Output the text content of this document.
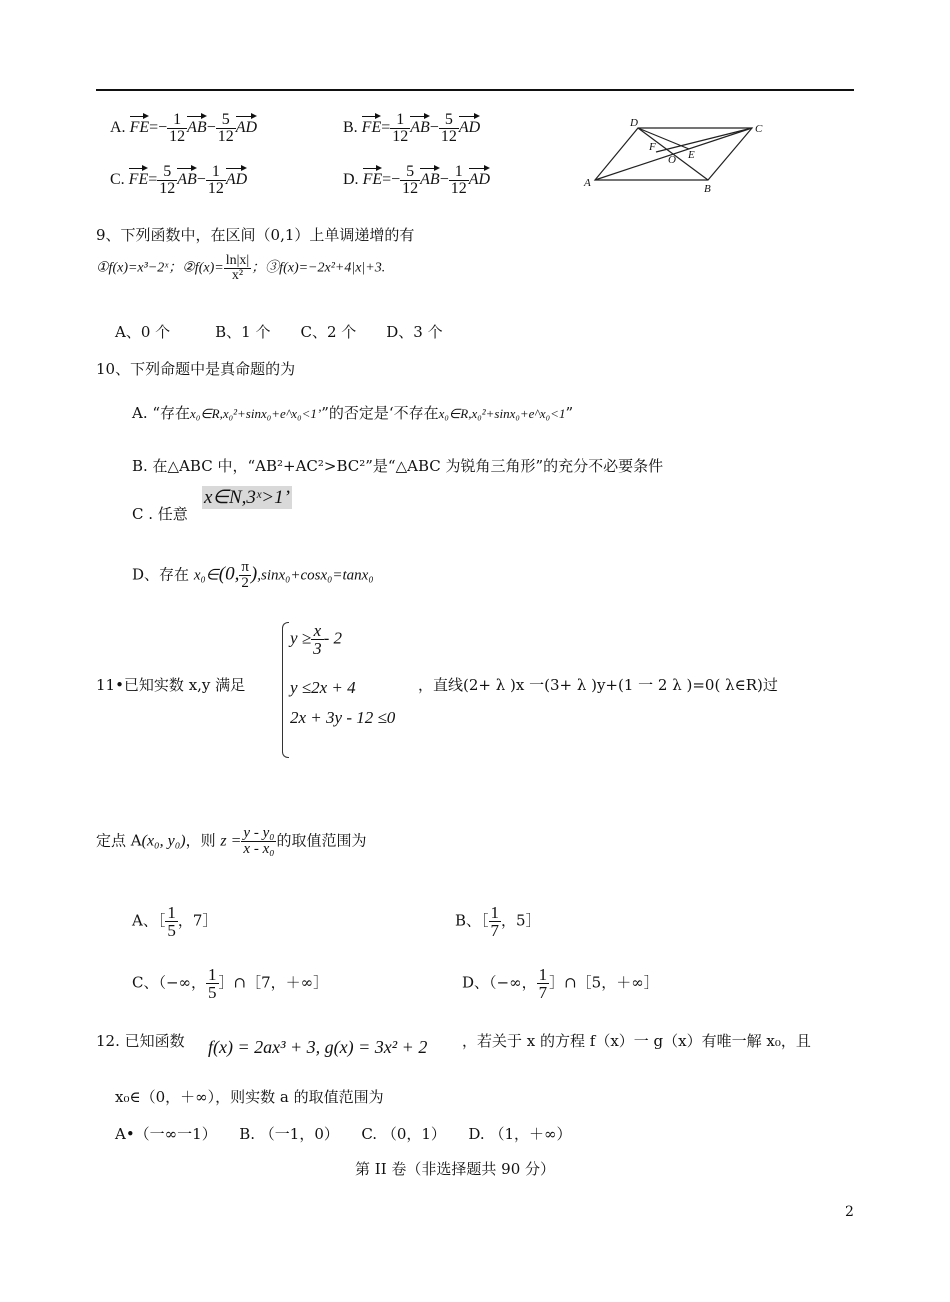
A. $FE=- \frac{1}{12} AB- \frac{5}{12}$ AD	B. $FE= \frac{1}{12} AB- \frac{5}{12}$ AD
C. $FE= \frac{5}{12} AB- \frac{1}{12}$ AD	D. $FE=- \frac{5}{12} AB- \frac{1}{12}$ AD	A	B
C
D
F
O E
9、下列函数中，在区间（0,1）上单调递增的有
①f(x)=x³−2ˣ；②f(x)= $\frac{\ln|x|}{\text{x²}}$ ；③f(x)=−2x²+4|x|+3.
A、0 个　　　B、1 个　　C、2 个　　D、3 个
10、下列命题中是真命题的为
A. “存在x₀∈R,x₀²+sinx₀+e^x₀<1’”的否定是‘不存在x₀∈R,x₀²+sinx₀+e^x₀<1”
B. 在△ABC 中，“AB²+AC²>BC²”是“△ABC 为锐角三角形”的充分不必要条件
C . 任意
x∈N,3ˣ>1’
D、存在 x₀∈(0, $\frac{\pi}{2} ),\sin x_0+\cos x_0=\tan x_0$
11•已知实数 x,y 满足
$y \ge \frac{x}{3} - 2$
y ≤2x + 4
2x + 3y - 12 ≤0
，直线(2+ λ )x 一(3+ λ )y+(1 一 2 λ )=0( λ∈R)过
定点 A(x₀, y₀)，则 $z = \frac{\text{y - y₀}}{\text{x - x₀}}$ 的取值范围为
A、［ $\frac{1}{5}$ ，7］	B、［ $\frac{1}{7}$ ，5］
C、（−∞， $\frac{1}{5}$ ］∩［7，＋∞］	D、（−∞， $\frac{1}{7}$ ］∩［5，＋∞］
12. 已知函数 f(x) = 2ax³ + 3, g(x) = 3x² + 2 ，若关于 x 的方程 f（x）一 g（x）有唯一解 x₀，且
x₀∈（0，＋∞），则实数 a 的取值范围为
A•（一∞一1）　　B. （一1，0）　　C. （0，1）　　D. （1，＋∞）
第 II 卷（非选择题共 90 分）
2
